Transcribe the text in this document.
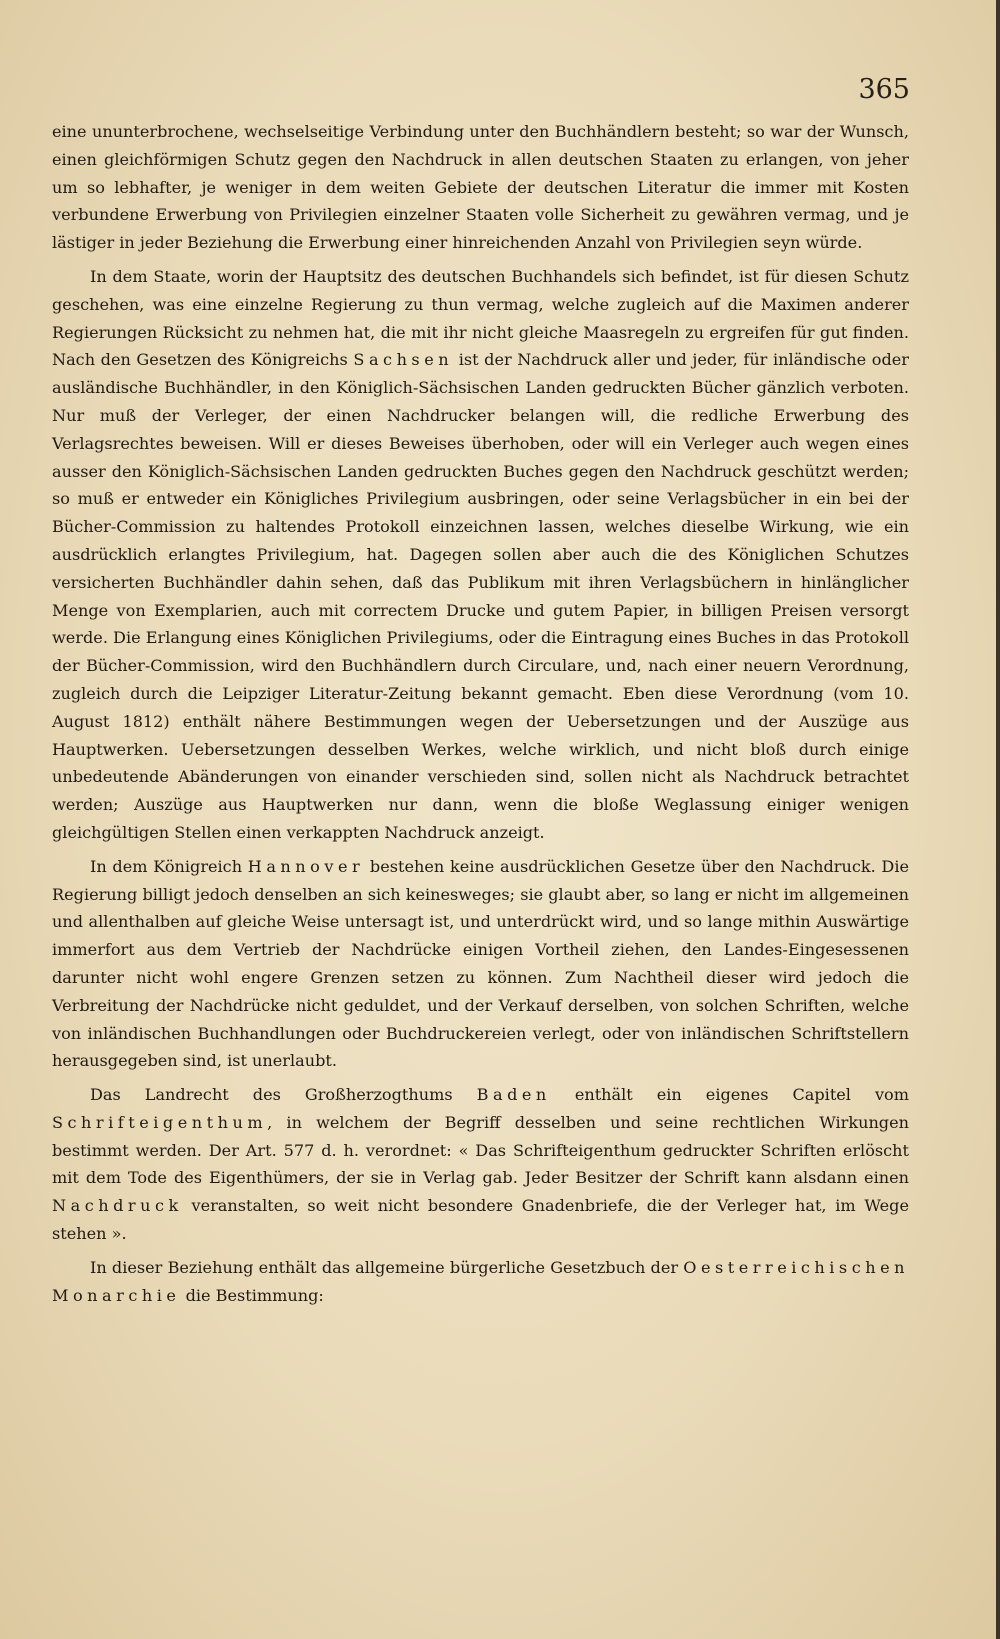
365

eine ununterbrochene, wechselseitige Verbindung unter den Buchhändlern besteht; so war der Wunsch, einen gleichförmigen Schutz gegen den Nachdruck in allen deutschen Staaten zu erlangen, von jeher um so lebhafter, je weniger in dem weiten Gebiete der deutschen Literatur die immer mit Kosten verbundene Erwerbung von Privilegien einzelner Staaten volle Sicherheit zu gewähren vermag, und je lästiger in jeder Beziehung die Erwerbung einer hinreichenden Anzahl von Privilegien seyn würde.

In dem Staate, worin der Hauptsitz des deutschen Buchhandels sich befindet, ist für diesen Schutz geschehen, was eine einzelne Regierung zu thun vermag, welche zugleich auf die Maximen anderer Regierungen Rücksicht zu nehmen hat, die mit ihr nicht gleiche Maasregeln zu ergreifen für gut finden. Nach den Gesetzen des Königreichs Sachsen ist der Nachdruck aller und jeder, für inländische oder ausländische Buchhändler, in den Königlich-Sächsischen Landen gedruckten Bücher gänzlich verboten. Nur muß der Verleger, der einen Nachdrucker belangen will, die redliche Erwerbung des Verlagsrechtes beweisen. Will er dieses Beweises überhoben, oder will ein Verleger auch wegen eines ausser den Königlich-Sächsischen Landen gedruckten Buches gegen den Nachdruck geschützt werden; so muß er entweder ein Königliches Privilegium ausbringen, oder seine Verlagsbücher in ein bei der Bücher-Commission zu haltendes Protokoll einzeichnen lassen, welches dieselbe Wirkung, wie ein ausdrücklich erlangtes Privilegium, hat. Dagegen sollen aber auch die des Königlichen Schutzes versicherten Buchhändler dahin sehen, daß das Publikum mit ihren Verlagsbüchern in hinlänglicher Menge von Exemplarien, auch mit correctem Drucke und gutem Papier, in billigen Preisen versorgt werde. Die Erlangung eines Königlichen Privilegiums, oder die Eintragung eines Buches in das Protokoll der Bücher-Commission, wird den Buchhändlern durch Circulare, und, nach einer neuern Verordnung, zugleich durch die Leipziger Literatur-Zeitung bekannt gemacht. Eben diese Verordnung (vom 10. August 1812) enthält nähere Bestimmungen wegen der Uebersetzungen und der Auszüge aus Hauptwerken. Uebersetzungen desselben Werkes, welche wirklich, und nicht bloß durch einige unbedeutende Abänderungen von einander verschieden sind, sollen nicht als Nachdruck betrachtet werden; Auszüge aus Hauptwerken nur dann, wenn die bloße Weglassung einiger wenigen gleichgültigen Stellen einen verkappten Nachdruck anzeigt.

In dem Königreich Hannover bestehen keine ausdrücklichen Gesetze über den Nachdruck. Die Regierung billigt jedoch denselben an sich keinesweges; sie glaubt aber, so lang er nicht im allgemeinen und allenthalben auf gleiche Weise untersagt ist, und unterdrückt wird, und so lange mithin Auswärtige immerfort aus dem Vertrieb der Nachdrücke einigen Vortheil ziehen, den Landes-Eingesessenen darunter nicht wohl engere Grenzen setzen zu können. Zum Nachtheil dieser wird jedoch die Verbreitung der Nachdrücke nicht geduldet, und der Verkauf derselben, von solchen Schriften, welche von inländischen Buchhandlungen oder Buchdruckereien verlegt, oder von inländischen Schriftstellern herausgegeben sind, ist unerlaubt.

Das Landrecht des Großherzogthums Baden enthält ein eigenes Capitel vom Schrifteigenthum, in welchem der Begriff desselben und seine rechtlichen Wirkungen bestimmt werden. Der Art. 577 d. h. verordnet: « Das Schrifteigenthum gedruckter Schriften erlöscht mit dem Tode des Eigenthümers, der sie in Verlag gab. Jeder Besitzer der Schrift kann alsdann einen Nachdruck veranstalten, so weit nicht besondere Gnadenbriefe, die der Verleger hat, im Wege stehen ».

In dieser Beziehung enthält das allgemeine bürgerliche Gesetzbuch der Oesterreichischen Monarchie die Bestimmung:
